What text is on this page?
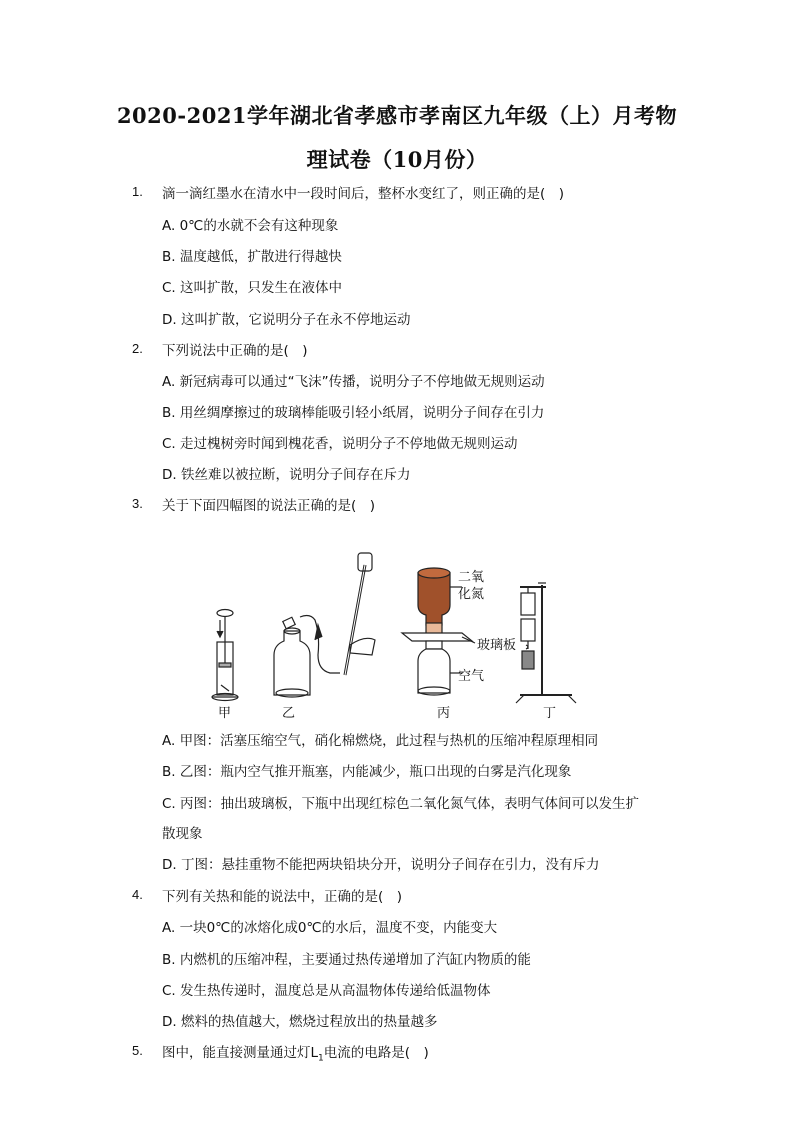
2020-2021学年湖北省孝感市孝南区九年级（上）月考物
理试卷（10月份）
1. 滴一滴红墨水在清水中一段时间后，整杯水变红了，则正确的是(　)
A. 0℃的水就不会有这种现象
B. 温度越低，扩散进行得越快
C. 这叫扩散，只发生在液体中
D. 这叫扩散，它说明分子在永不停地运动
2. 下列说法中正确的是(　)
A. 新冠病毒可以通过“飞沫”传播，说明分子不停地做无规则运动
B. 用丝绸摩擦过的玻璃棒能吸引轻小纸屑，说明分子间存在引力
C. 走过槐树旁时闻到槐花香，说明分子不停地做无规则运动
D. 铁丝难以被拉断，说明分子间存在斥力
3. 关于下面四幅图的说法正确的是(　)
甲	乙
二氧
化氮
玻璃板
空气
丙	丁
A. 甲图：活塞压缩空气，硝化棉燃烧，此过程与热机的压缩冲程原理相同
B. 乙图：瓶内空气推开瓶塞，内能减少，瓶口出现的白雾是汽化现象
C. 丙图：抽出玻璃板，下瓶中出现红棕色二氧化氮气体，表明气体间可以发生扩
散现象
D. 丁图：悬挂重物不能把两块铅块分开，说明分子间存在引力，没有斥力
4. 下列有关热和能的说法中，正确的是(　)
A. 一块0℃的冰熔化成0℃的水后，温度不变，内能变大
B. 内燃机的压缩冲程，主要通过热传递增加了汽缸内物质的能
C. 发生热传递时，温度总是从高温物体传递给低温物体
D. 燃料的热值越大，燃烧过程放出的热量越多
5. 图中，能直接测量通过灯$L_1$电流的电路是(　)
